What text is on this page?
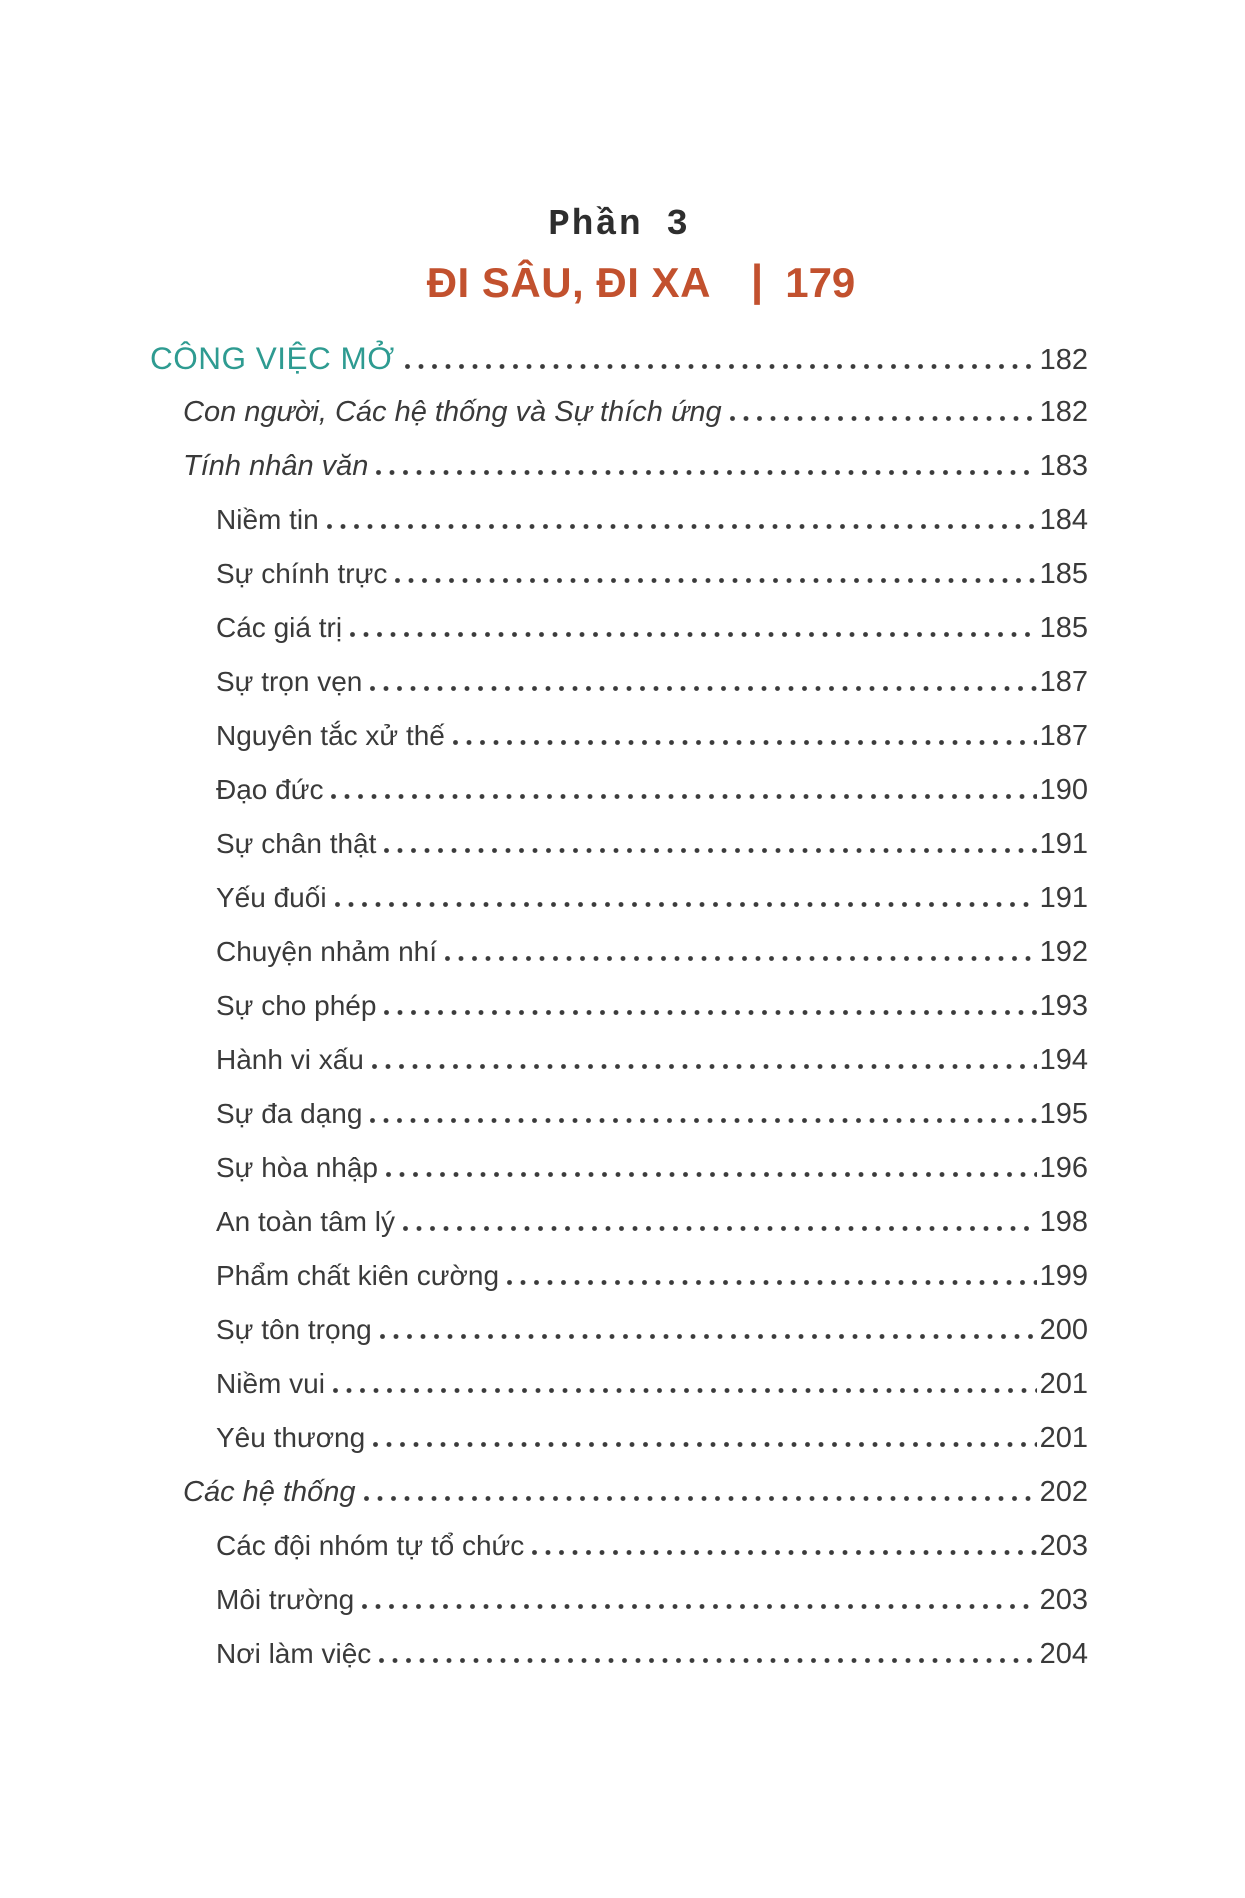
Phần 3
ĐI SÂU, ĐI XA | 179
CÔNG VIỆC MỞ	182
Con người, Các hệ thống và Sự thích ứng	182
Tính nhân văn	183
Niềm tin	184
Sự chính trực	185
Các giá trị	185
Sự trọn vẹn	187
Nguyên tắc xử thế	187
Đạo đức	190
Sự chân thật	191
Yếu đuối	191
Chuyện nhảm nhí	192
Sự cho phép	193
Hành vi xấu	194
Sự đa dạng	195
Sự hòa nhập	196
An toàn tâm lý	198
Phẩm chất kiên cường	199
Sự tôn trọng	200
Niềm vui	201
Yêu thương	201
Các hệ thống	202
Các đội nhóm tự tổ chức	203
Môi trường	203
Nơi làm việc	204
